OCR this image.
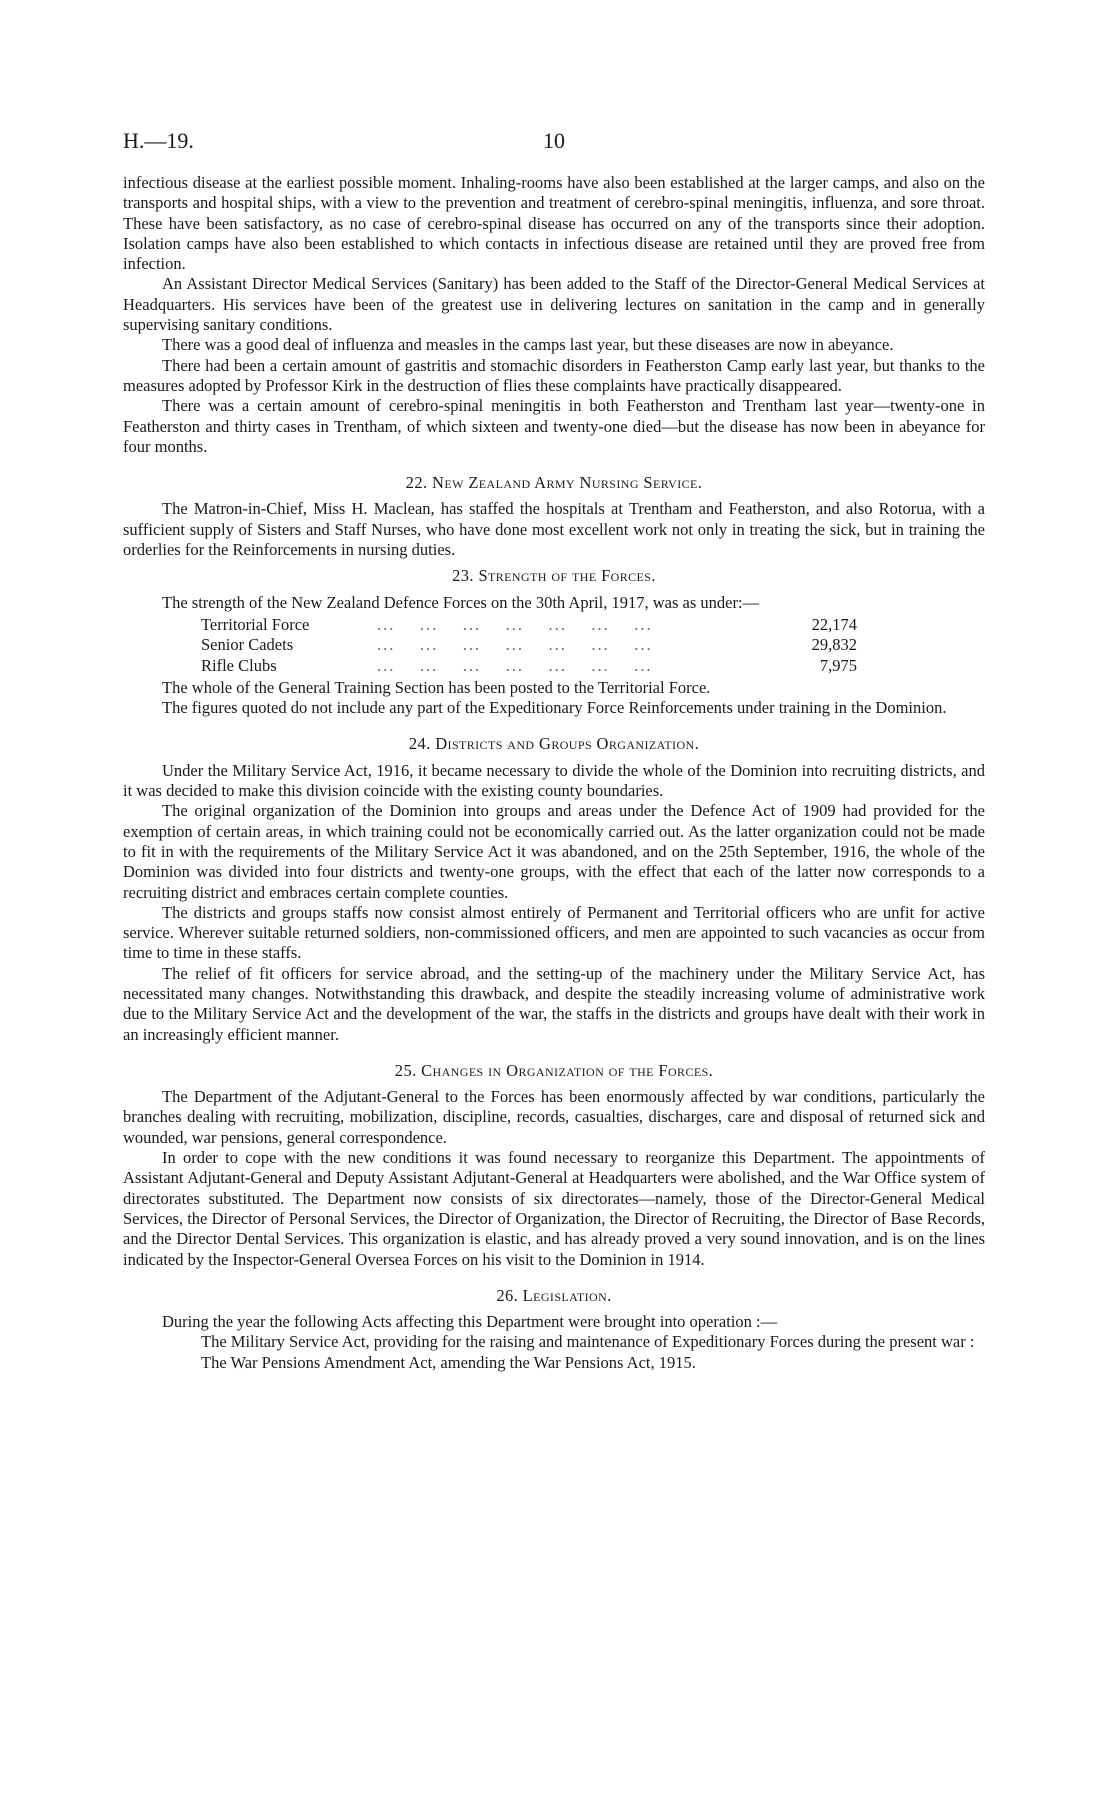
H.—19.	10

infectious disease at the earliest possible moment. Inhaling-rooms have also been established at the larger camps, and also on the transports and hospital ships, with a view to the prevention and treatment of cerebro-spinal meningitis, influenza, and sore throat. These have been satisfactory, as no case of cerebro-spinal disease has occurred on any of the transports since their adoption. Isolation camps have also been established to which contacts in infectious disease are retained until they are proved free from infection.

An Assistant Director Medical Services (Sanitary) has been added to the Staff of the Director-General Medical Services at Headquarters. His services have been of the greatest use in delivering lectures on sanitation in the camp and in generally supervising sanitary conditions.

There was a good deal of influenza and measles in the camps last year, but these diseases are now in abeyance.

There had been a certain amount of gastritis and stomachic disorders in Featherston Camp early last year, but thanks to the measures adopted by Professor Kirk in the destruction of flies these complaints have practically disappeared.

There was a certain amount of cerebro-spinal meningitis in both Featherston and Trentham last year—twenty-one in Featherston and thirty cases in Trentham, of which sixteen and twenty-one died—but the disease has now been in abeyance for four months.

22. New Zealand Army Nursing Service.

The Matron-in-Chief, Miss H. Maclean, has staffed the hospitals at Trentham and Featherston, and also Rotorua, with a sufficient supply of Sisters and Staff Nurses, who have done most excellent work not only in treating the sick, but in training the orderlies for the Reinforcements in nursing duties.

23. Strength of the Forces.

The strength of the New Zealand Defence Forces on the 30th April, 1917, was as under:—

Territorial Force	...    ...    ...    ...    ...    ...    ...	22,174
Senior Cadets	...    ...    ...    ...    ...    ...    ...	29,832
Rifle Clubs	...    ...    ...    ...    ...    ...    ...	7,975

The whole of the General Training Section has been posted to the Territorial Force.

The figures quoted do not include any part of the Expeditionary Force Reinforcements under training in the Dominion.

24. Districts and Groups Organization.

Under the Military Service Act, 1916, it became necessary to divide the whole of the Dominion into recruiting districts, and it was decided to make this division coincide with the existing county boundaries.

The original organization of the Dominion into groups and areas under the Defence Act of 1909 had provided for the exemption of certain areas, in which training could not be economically carried out. As the latter organization could not be made to fit in with the requirements of the Military Service Act it was abandoned, and on the 25th September, 1916, the whole of the Dominion was divided into four districts and twenty-one groups, with the effect that each of the latter now corresponds to a recruiting district and embraces certain complete counties.

The districts and groups staffs now consist almost entirely of Permanent and Territorial officers who are unfit for active service. Wherever suitable returned soldiers, non-commissioned officers, and men are appointed to such vacancies as occur from time to time in these staffs.

The relief of fit officers for service abroad, and the setting-up of the machinery under the Military Service Act, has necessitated many changes. Notwithstanding this drawback, and despite the steadily increasing volume of administrative work due to the Military Service Act and the development of the war, the staffs in the districts and groups have dealt with their work in an increasingly efficient manner.

25. Changes in Organization of the Forces.

The Department of the Adjutant-General to the Forces has been enormously affected by war conditions, particularly the branches dealing with recruiting, mobilization, discipline, records, casualties, discharges, care and disposal of returned sick and wounded, war pensions, general correspondence.

In order to cope with the new conditions it was found necessary to reorganize this Department. The appointments of Assistant Adjutant-General and Deputy Assistant Adjutant-General at Headquarters were abolished, and the War Office system of directorates substituted. The Department now consists of six directorates—namely, those of the Director-General Medical Services, the Director of Personal Services, the Director of Organization, the Director of Recruiting, the Director of Base Records, and the Director Dental Services. This organization is elastic, and has already proved a very sound innovation, and is on the lines indicated by the Inspector-General Oversea Forces on his visit to the Dominion in 1914.

26. Legislation.

During the year the following Acts affecting this Department were brought into operation :—

The Military Service Act, providing for the raising and maintenance of Expeditionary Forces during the present war :
The War Pensions Amendment Act, amending the War Pensions Act, 1915.
